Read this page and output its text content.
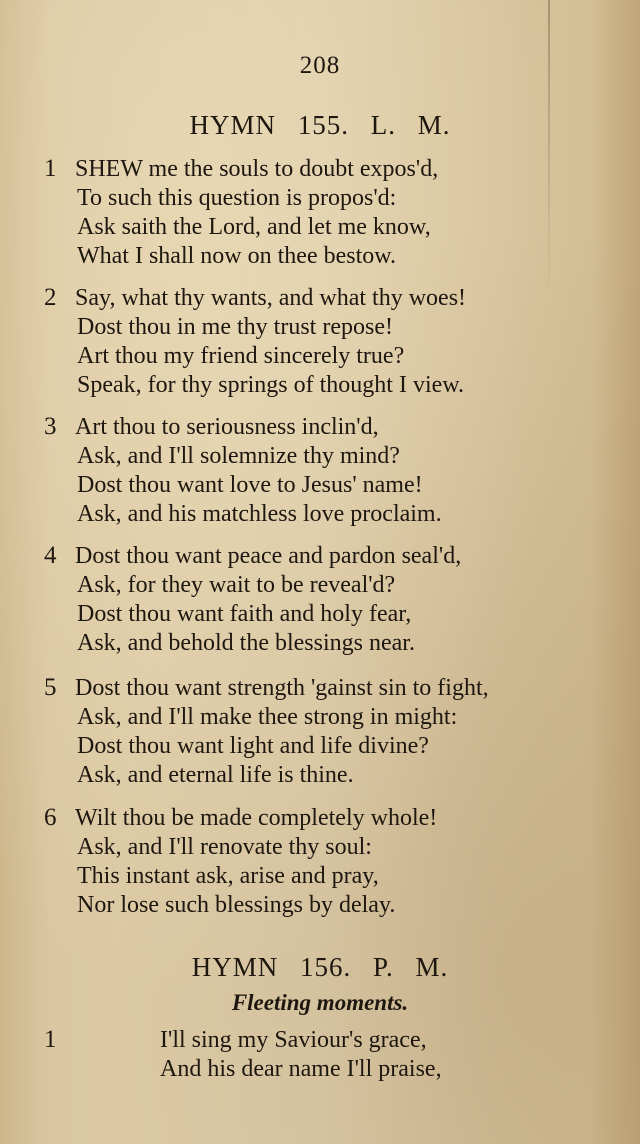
208
HYMN 155. L. M.
1 SHEW me the souls to doubt expos'd,
To such this question is propos'd:
Ask saith the Lord, and let me know,
What I shall now on thee bestow.
2 Say, what thy wants, and what thy woes!
Dost thou in me thy trust repose!
Art thou my friend sincerely true?
Speak, for thy springs of thought I view.
3 Art thou to seriousness inclin'd,
Ask, and I'll solemnize thy mind?
Dost thou want love to Jesus' name!
Ask, and his matchless love proclaim.
4 Dost thou want peace and pardon seal'd,
Ask, for they wait to be reveal'd?
Dost thou want faith and holy fear,
Ask, and behold the blessings near.
5 Dost thou want strength 'gainst sin to fight,
Ask, and I'll make thee strong in might:
Dost thou want light and life divine?
Ask, and eternal life is thine.
6 Wilt thou be made completely whole!
Ask, and I'll renovate thy soul:
This instant ask, arise and pray,
Nor lose such blessings by delay.
HYMN 156. P. M.
Fleeting moments.
1	I'll sing my Saviour's grace,
And his dear name I'll praise,
